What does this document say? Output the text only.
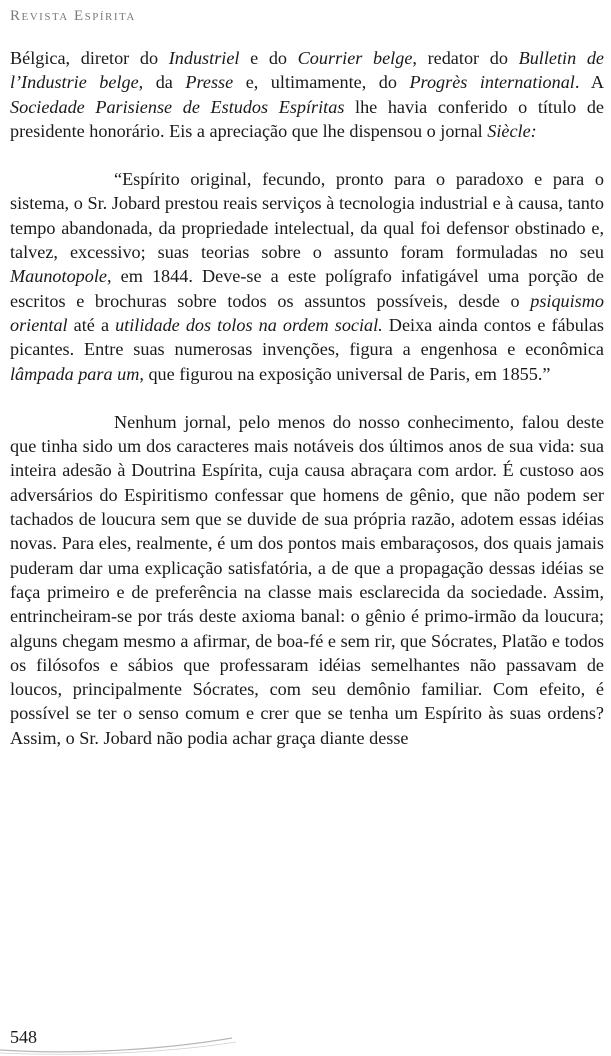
Revista Espírita

Bélgica, diretor do Industriel e do Courrier belge, redator do Bulletin de l’Industrie belge, da Presse e, ultimamente, do Progrès international. A Sociedade Parisiense de Estudos Espíritas lhe havia conferido o título de presidente honorário. Eis a apreciação que lhe dispensou o jornal Siècle:

“Espírito original, fecundo, pronto para o paradoxo e para o sistema, o Sr. Jobard prestou reais serviços à tecnologia industrial e à causa, tanto tempo abandonada, da propriedade intelectual, da qual foi defensor obstinado e, talvez, excessivo; suas teorias sobre o assunto foram formuladas no seu Maunotopole, em 1844. Deve-se a este polígrafo infatigável uma porção de escritos e brochuras sobre todos os assuntos possíveis, desde o psiquismo oriental até a utilidade dos tolos na ordem social. Deixa ainda contos e fábulas picantes. Entre suas numerosas invenções, figura a engenhosa e econômica lâmpada para um, que figurou na exposição universal de Paris, em 1855.”

Nenhum jornal, pelo menos do nosso conhecimento, falou deste que tinha sido um dos caracteres mais notáveis dos últimos anos de sua vida: sua inteira adesão à Doutrina Espírita, cuja causa abraçara com ardor. É custoso aos adversários do Espiritismo confessar que homens de gênio, que não podem ser tachados de loucura sem que se duvide de sua própria razão, adotem essas idéias novas. Para eles, realmente, é um dos pontos mais embaraçosos, dos quais jamais puderam dar uma explicação satisfatória, a de que a propagação dessas idéias se faça primeiro e de preferência na classe mais esclarecida da sociedade. Assim, entrincheiram-se por trás deste axioma banal: o gênio é primo-irmão da loucura; alguns chegam mesmo a afirmar, de boa-fé e sem rir, que Sócrates, Platão e todos os filósofos e sábios que professaram idéias semelhantes não passavam de loucos, principalmente Sócrates, com seu demônio familiar. Com efeito, é possível se ter o senso comum e crer que se tenha um Espírito às suas ordens? Assim, o Sr. Jobard não podia achar graça diante desse

548
